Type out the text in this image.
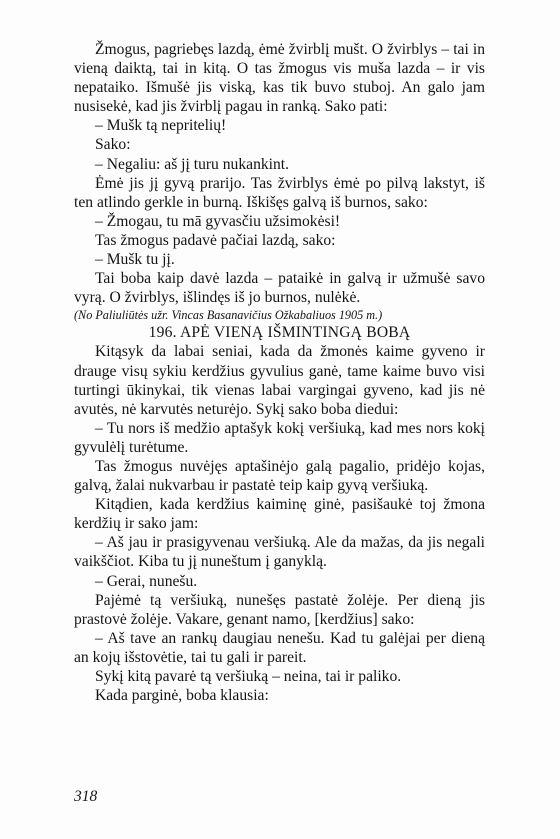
Žmogus, pagriebęs lazdą, ėmė žvirblį mušt. O žvirblys – tai in vieną daiktą, tai in kitą. O tas žmogus vis muša lazda – ir vis nepataiko. Išmušė jis viską, kas tik buvo stuboj. An galo jam nusisekė, kad jis žvirblį pagau in ranką. Sako pati:

– Mušk tą nepritelių!

Sako:

– Negaliu: aš jį turu nukankint.

Ėmė jis jį gyvą prarijo. Tas žvirblys ėmė po pilvą lakstyt, iš ten atlindo gerkle in burną. Iškišęs galvą iš burnos, sako:

– Žmogau, tu mā gyvasčiu užsimokėsi!

Tas žmogus padavė pačiai lazdą, sako:

– Mušk tu jį.

Tai boba kaip davė lazda – pataikė in galvą ir užmušė savo vyrą. O žvirblys, išlindęs iš jo burnos, nulėkė.

(No Paliuliūtės užr. Vincas Basanavičius Ožkabaliuos 1905 m.)

196. APĖ VIENĄ IŠMINTINGĄ BOBĄ

Kitąsyk da labai seniai, kada da žmonės kaime gyveno ir drauge visų sykiu kerdžius gyvulius ganė, tame kaime buvo visi turtingi ūkinykai, tik vienas labai vargingai gyveno, kad jis nė avutės, nė karvutės neturėjo. Sykį sako boba diedui:

– Tu nors iš medžio aptašyk kokį veršiuką, kad mes nors kokį gyvulėlį turėtume.

Tas žmogus nuvėjęs aptašinėjo galą pagalio, pridėjo kojas, galvą, žalai nukvarbau ir pastatė teip kaip gyvą veršiuką.

Kitądien, kada kerdžius kaiminę ginė, pasišaukė toj žmona kerdžių ir sako jam:

– Aš jau ir prasigyvenau veršiuką. Ale da mažas, da jis negali vaikščiot. Kiba tu jį nuneštum į ganyklą.

– Gerai, nunešu.

Pajėmė tą veršiuką, nunešęs pastatė žolėje. Per dieną jis prastovė žolėje. Vakare, genant namo, [kerdžius] sako:

– Aš tave an rankų daugiau nenešu. Kad tu galėjai per dieną an kojų išstovėtie, tai tu gali ir pareit.

Sykį kitą pavarė tą veršiuką – neina, tai ir paliko.

Kada parginė, boba klausia:

318
